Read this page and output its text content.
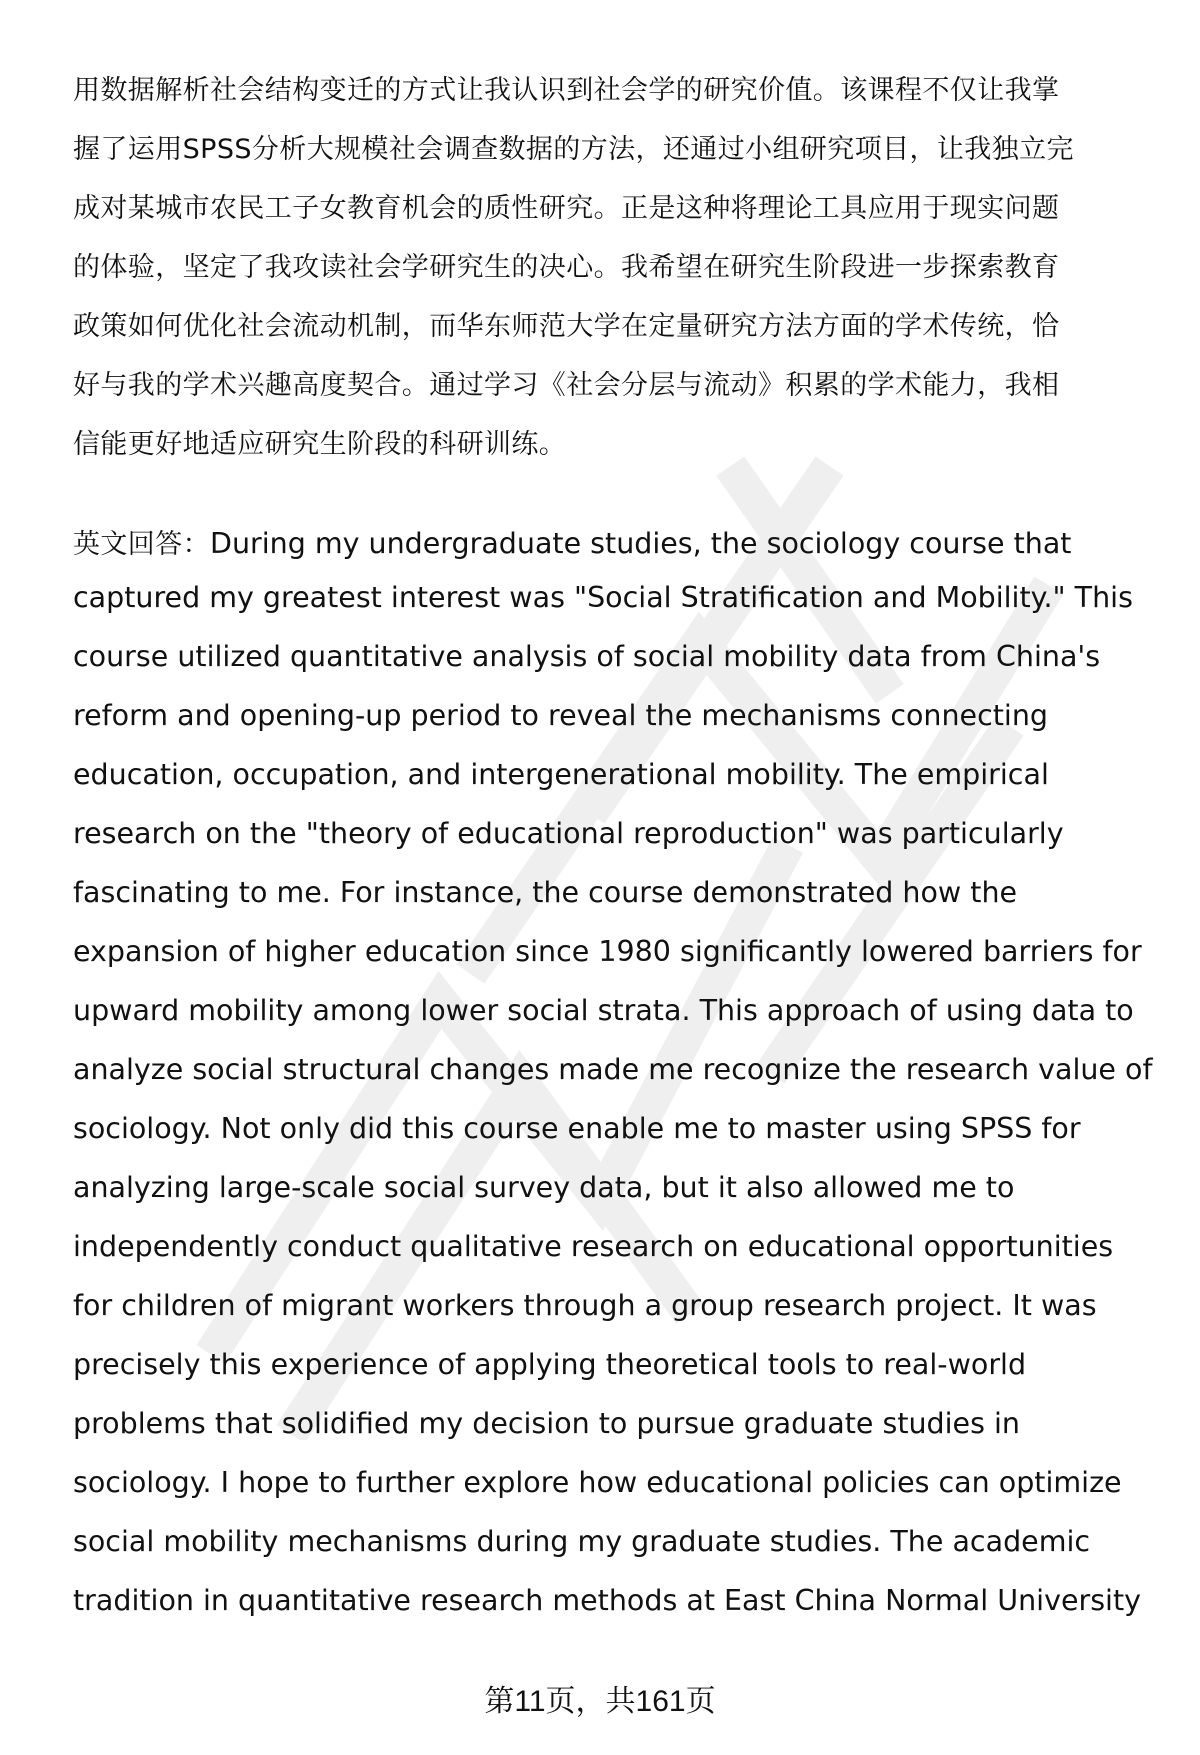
用数据解析社会结构变迁的方式让我认识到社会学的研究价值。该课程不仅让我掌
握了运用SPSS分析大规模社会调查数据的方法，还通过小组研究项目，让我独立完
成对某城市农民工子女教育机会的质性研究。正是这种将理论工具应用于现实问题
的体验，坚定了我攻读社会学研究生的决心。我希望在研究生阶段进一步探索教育
政策如何优化社会流动机制，而华东师范大学在定量研究方法方面的学术传统，恰
好与我的学术兴趣高度契合。通过学习《社会分层与流动》积累的学术能力，我相
信能更好地适应研究生阶段的科研训练。
英文回答：During my undergraduate studies, the sociology course that
captured my greatest interest was "Social Stratification and Mobility." This
course utilized quantitative analysis of social mobility data from China's
reform and opening-up period to reveal the mechanisms connecting
education, occupation, and intergenerational mobility. The empirical
research on the "theory of educational reproduction" was particularly
fascinating to me. For instance, the course demonstrated how the
expansion of higher education since 1980 significantly lowered barriers for
upward mobility among lower social strata. This approach of using data to
analyze social structural changes made me recognize the research value of
sociology. Not only did this course enable me to master using SPSS for
analyzing large-scale social survey data, but it also allowed me to
independently conduct qualitative research on educational opportunities
for children of migrant workers through a group research project. It was
precisely this experience of applying theoretical tools to real-world
problems that solidified my decision to pursue graduate studies in
sociology. I hope to further explore how educational policies can optimize
social mobility mechanisms during my graduate studies. The academic
tradition in quantitative research methods at East China Normal University
第11页，共161页
